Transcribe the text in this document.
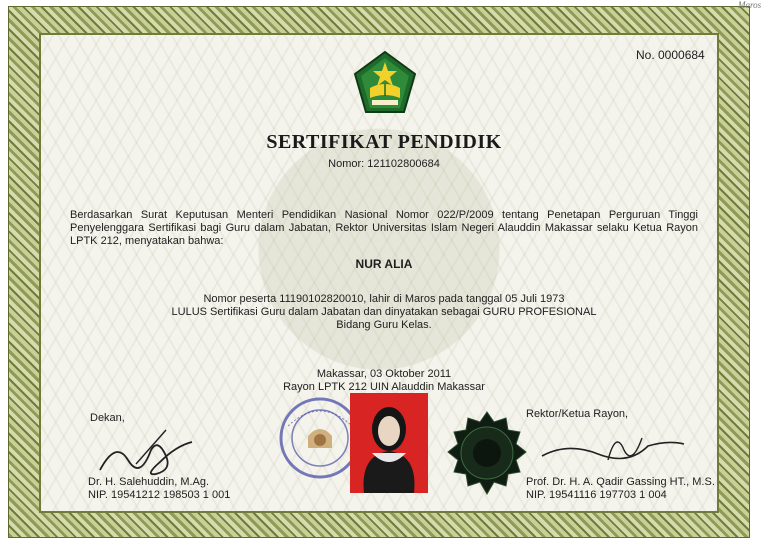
Maros
No. 0000684
SERTIFIKAT PENDIDIK
Nomor: 121102800684
Berdasarkan Surat Keputusan Menteri Pendidikan Nasional Nomor 022/P/2009 tentang Penetapan Perguruan Tinggi Penyelenggara Sertifikasi bagi Guru dalam Jabatan, Rektor Universitas Islam Negeri Alauddin Makassar selaku Ketua Rayon LPTK 212, menyatakan bahwa:
NUR ALIA
Nomor peserta 11190102820010, lahir di Maros pada tanggal 05 Juli 1973
LULUS Sertifikasi Guru dalam Jabatan dan dinyatakan sebagai GURU PROFESIONAL
Bidang Guru Kelas.
Makassar, 03 Oktober 2011
Rayon LPTK 212 UIN Alauddin Makassar
Dekan,	Rektor/Ketua Rayon,
Dr. H. Salehuddin, M.Ag.
NIP. 19541212 198503 1 001
Prof. Dr. H. A. Qadir Gassing HT., M.S.
NIP. 19541116 197703 1 004
